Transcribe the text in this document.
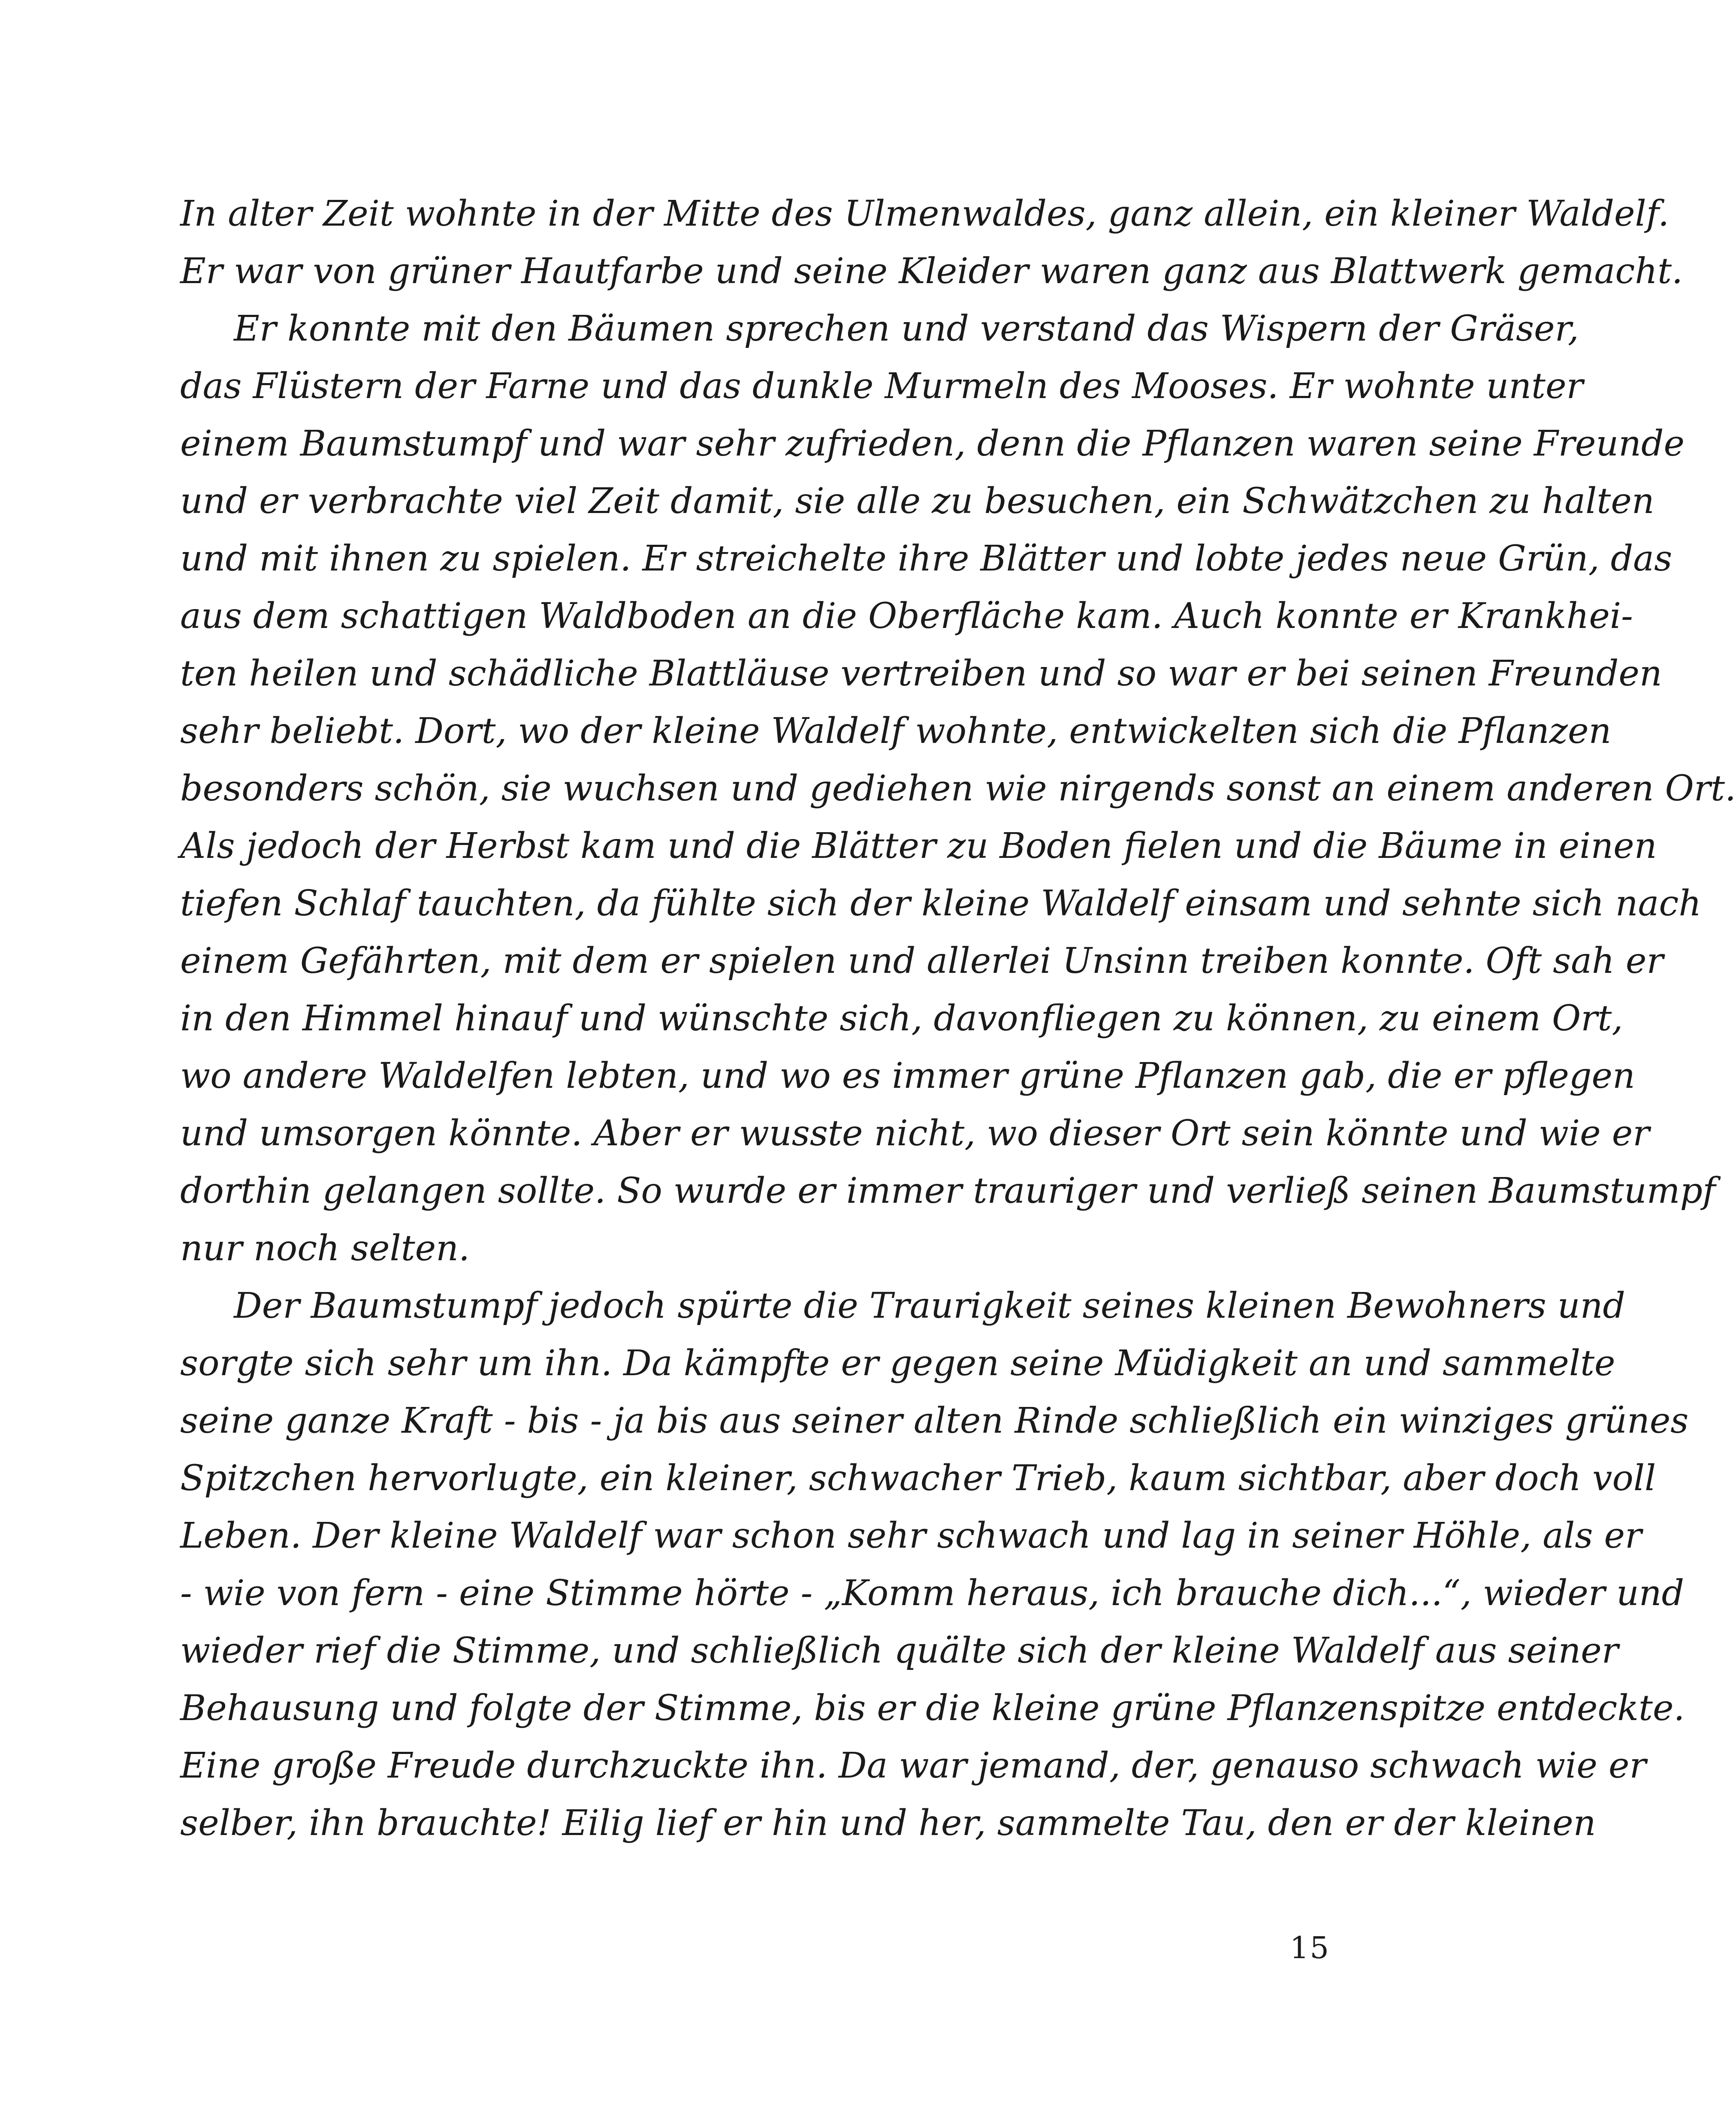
In alter Zeit wohnte in der Mitte des Ulmenwaldes, ganz allein, ein kleiner Waldelf.
Er war von grüner Hautfarbe und seine Kleider waren ganz aus Blattwerk gemacht.
Er konnte mit den Bäumen sprechen und verstand das Wispern der Gräser,
das Flüstern der Farne und das dunkle Murmeln des Mooses. Er wohnte unter
einem Baumstumpf und war sehr zufrieden, denn die Pflanzen waren seine Freunde
und er verbrachte viel Zeit damit, sie alle zu besuchen, ein Schwätzchen zu halten
und mit ihnen zu spielen. Er streichelte ihre Blätter und lobte jedes neue Grün, das
aus dem schattigen Waldboden an die Oberfläche kam. Auch konnte er Krankhei-
ten heilen und schädliche Blattläuse vertreiben und so war er bei seinen Freunden
sehr beliebt. Dort, wo der kleine Waldelf wohnte, entwickelten sich die Pflanzen
besonders schön, sie wuchsen und gediehen wie nirgends sonst an einem anderen Ort.
Als jedoch der Herbst kam und die Blätter zu Boden fielen und die Bäume in einen
tiefen Schlaf tauchten, da fühlte sich der kleine Waldelf einsam und sehnte sich nach
einem Gefährten, mit dem er spielen und allerlei Unsinn treiben konnte. Oft sah er
in den Himmel hinauf und wünschte sich, davonfliegen zu können, zu einem Ort,
wo andere Waldelfen lebten, und wo es immer grüne Pflanzen gab, die er pflegen
und umsorgen könnte. Aber er wusste nicht, wo dieser Ort sein könnte und wie er
dorthin gelangen sollte. So wurde er immer trauriger und verließ seinen Baumstumpf
nur noch selten.
Der Baumstumpf jedoch spürte die Traurigkeit seines kleinen Bewohners und
sorgte sich sehr um ihn. Da kämpfte er gegen seine Müdigkeit an und sammelte
seine ganze Kraft - bis - ja bis aus seiner alten Rinde schließlich ein winziges grünes
Spitzchen hervorlugte, ein kleiner, schwacher Trieb, kaum sichtbar, aber doch voll
Leben. Der kleine Waldelf war schon sehr schwach und lag in seiner Höhle, als er
- wie von fern - eine Stimme hörte - „Komm heraus, ich brauche dich...“, wieder und
wieder rief die Stimme, und schließlich quälte sich der kleine Waldelf aus seiner
Behausung und folgte der Stimme, bis er die kleine grüne Pflanzenspitze entdeckte.
Eine große Freude durchzuckte ihn. Da war jemand, der, genauso schwach wie er
selber, ihn brauchte! Eilig lief er hin und her, sammelte Tau, den er der kleinen
15
